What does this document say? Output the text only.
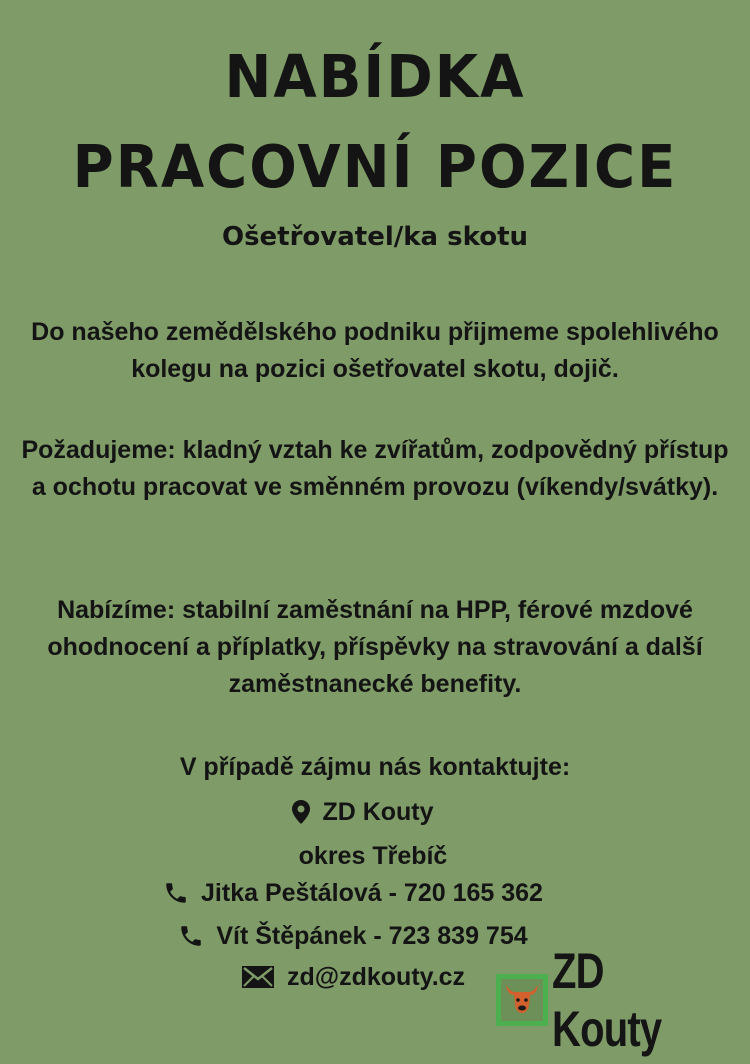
NABÍDKA
PRACOVNÍ POZICE
Ošetřovatel/ka skotu
Do našeho zemědělského podniku přijmeme spolehlivého kolegu na pozici ošetřovatel skotu, dojič.
Požadujeme: kladný vztah ke zvířatům, zodpovědný přístup a ochotu pracovat ve směnném provozu (víkendy/svátky).
Nabízíme: stabilní zaměstnání na HPP, férové mzdové ohodnocení a příplatky, příspěvky na stravování a další zaměstnanecké benefity.
V případě zájmu nás kontaktujte:
ZD Kouty
okres Třebíč
Jitka Peštálová - 720 165 362
Vít Štěpánek - 723 839 754
zd@zdkouty.cz ZD Kouty
